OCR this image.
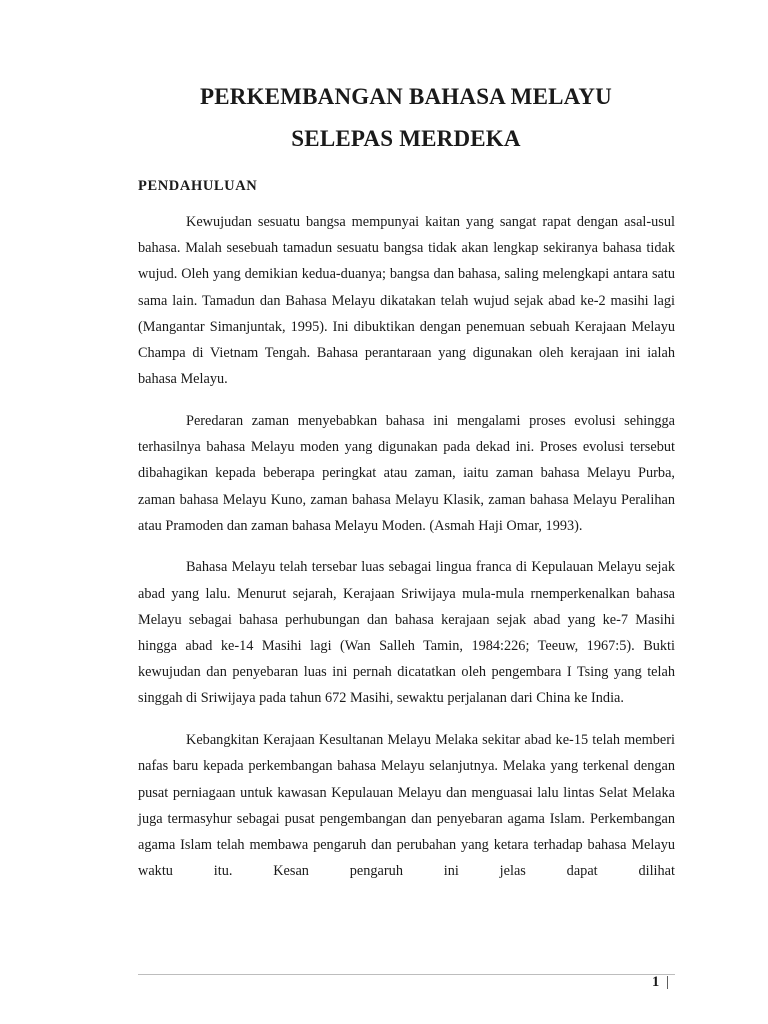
PERKEMBANGAN BAHASA MELAYU
SELEPAS MERDEKA
PENDAHULUAN

Kewujudan sesuatu bangsa mempunyai kaitan yang sangat rapat dengan asal-usul bahasa. Malah sesebuah tamadun sesuatu bangsa tidak akan lengkap sekiranya bahasa tidak wujud. Oleh yang demikian kedua-duanya; bangsa dan bahasa, saling melengkapi antara satu sama lain. Tamadun dan Bahasa Melayu dikatakan telah wujud sejak abad ke-2 masihi lagi (Mangantar Simanjuntak, 1995). Ini dibuktikan dengan penemuan sebuah Kerajaan Melayu Champa di Vietnam Tengah. Bahasa perantaraan yang digunakan oleh kerajaan ini ialah bahasa Melayu.

Peredaran zaman menyebabkan bahasa ini mengalami proses evolusi sehingga terhasilnya bahasa Melayu moden yang digunakan pada dekad ini. Proses evolusi tersebut dibahagikan kepada beberapa peringkat atau zaman, iaitu zaman bahasa Melayu Purba, zaman bahasa Melayu Kuno, zaman bahasa Melayu Klasik, zaman bahasa Melayu Peralihan atau Pramoden dan zaman bahasa Melayu Moden. (Asmah Haji Omar, 1993).

Bahasa Melayu telah tersebar luas sebagai lingua franca di Kepulauan Melayu sejak abad yang lalu. Menurut sejarah, Kerajaan Sriwijaya mula-mula rnemperkenalkan bahasa Melayu sebagai bahasa perhubungan dan bahasa kerajaan sejak abad yang ke-7 Masihi hingga abad ke-14 Masihi lagi (Wan Salleh Tamin, 1984:226; Teeuw, 1967:5). Bukti kewujudan dan penyebaran luas ini pernah dicatatkan oleh pengembara I Tsing yang telah singgah di Sriwijaya pada tahun 672 Masihi, sewaktu perjalanan dari China ke India.

Kebangkitan Kerajaan Kesultanan Melayu Melaka sekitar abad ke-15 telah memberi nafas baru kepada perkembangan bahasa Melayu selanjutnya. Melaka yang terkenal dengan pusat perniagaan untuk kawasan Kepulauan Melayu dan menguasai lalu lintas Selat Melaka juga termasyhur sebagai pusat pengembangan dan penyebaran agama Islam. Perkembangan agama Islam telah membawa pengaruh dan perubahan yang ketara terhadap bahasa Melayu waktu itu. Kesan pengaruh ini jelas dapat dilihat

1 |
